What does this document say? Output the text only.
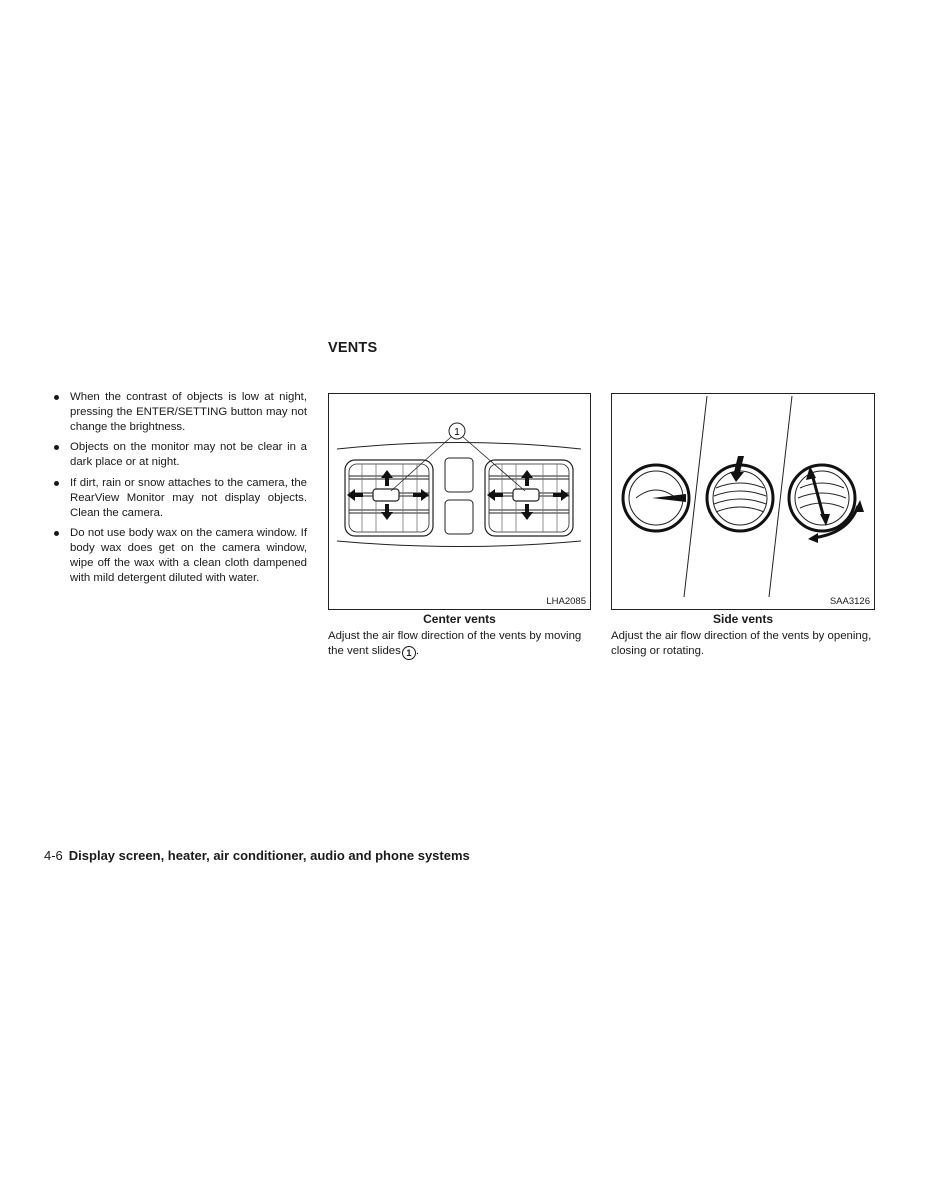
When the contrast of objects is low at night, pressing the ENTER/SETTING button may not change the brightness.
Objects on the monitor may not be clear in a dark place or at night.
If dirt, rain or snow attaches to the camera, the RearView Monitor may not display objects. Clean the camera.
Do not use body wax on the camera window. If body wax does get on the camera window, wipe off the wax with a clean cloth dampened with mild detergent diluted with water.
VENTS
1
LHA2085	SAA3126
Center vents	Side vents

Adjust the air flow direction of the vents by moving the vent slides 1 .

Adjust the air flow direction of the vents by opening, closing or rotating.

4-6 Display screen, heater, air conditioner, audio and phone systems
